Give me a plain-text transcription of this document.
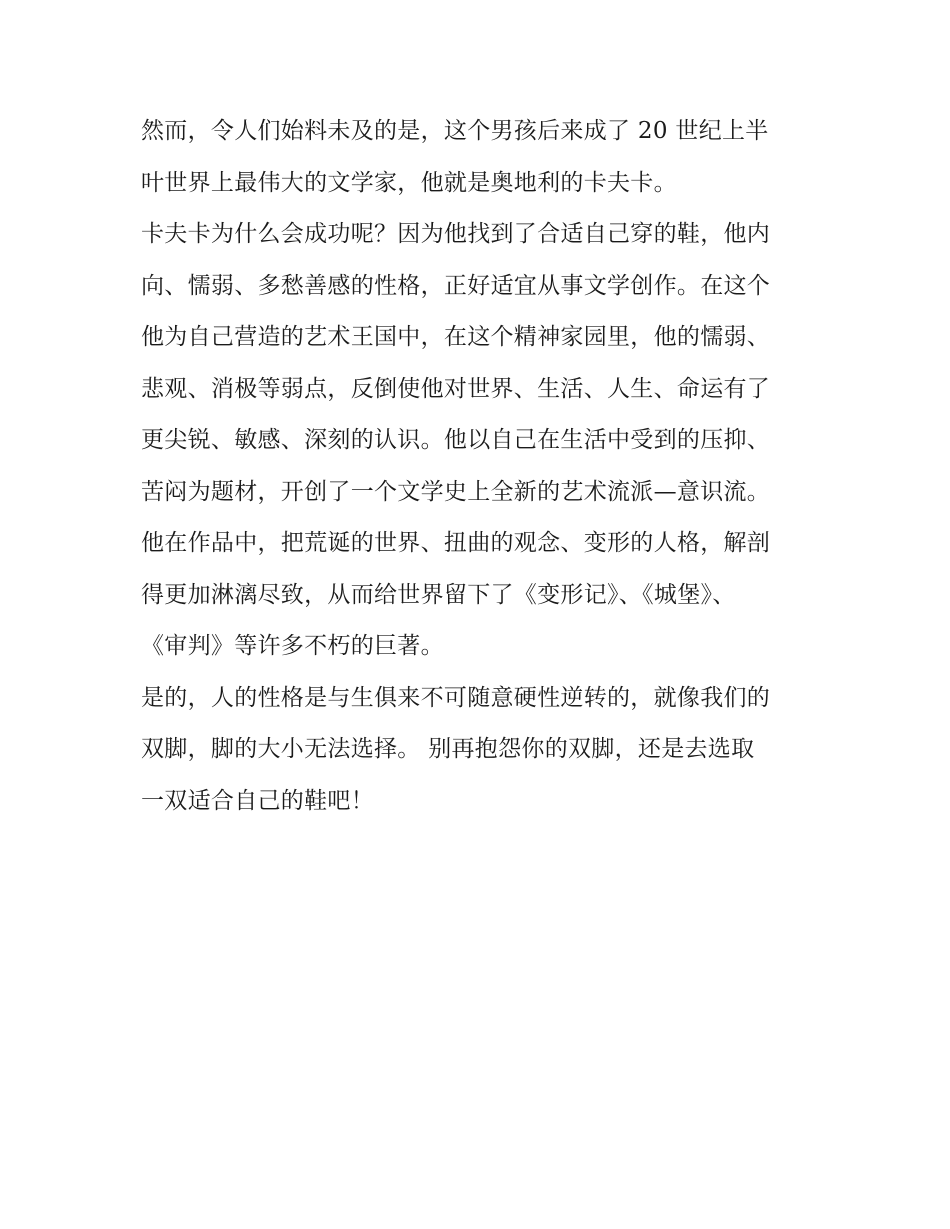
然而，令人们始料未及的是，这个男孩后来成了 20 世纪上半
叶世界上最伟大的文学家，他就是奥地利的卡夫卡。
卡夫卡为什么会成功呢？因为他找到了合适自己穿的鞋，他内
向、懦弱、多愁善感的性格，正好适宜从事文学创作。在这个
他为自己营造的艺术王国中，在这个精神家园里，他的懦弱、
悲观、消极等弱点，反倒使他对世界、生活、人生、命运有了
更尖锐、敏感、深刻的认识。他以自己在生活中受到的压抑、
苦闷为题材，开创了一个文学史上全新的艺术流派—意识流。
他在作品中，把荒诞的世界、扭曲的观念、变形的人格，解剖
得更加淋漓尽致，从而给世界留下了《变形记》、《城堡》、
《审判》等许多不朽的巨著。
是的，人的性格是与生俱来不可随意硬性逆转的，就像我们的
双脚，脚的大小无法选择。 别再抱怨你的双脚，还是去选取
一双适合自己的鞋吧！
